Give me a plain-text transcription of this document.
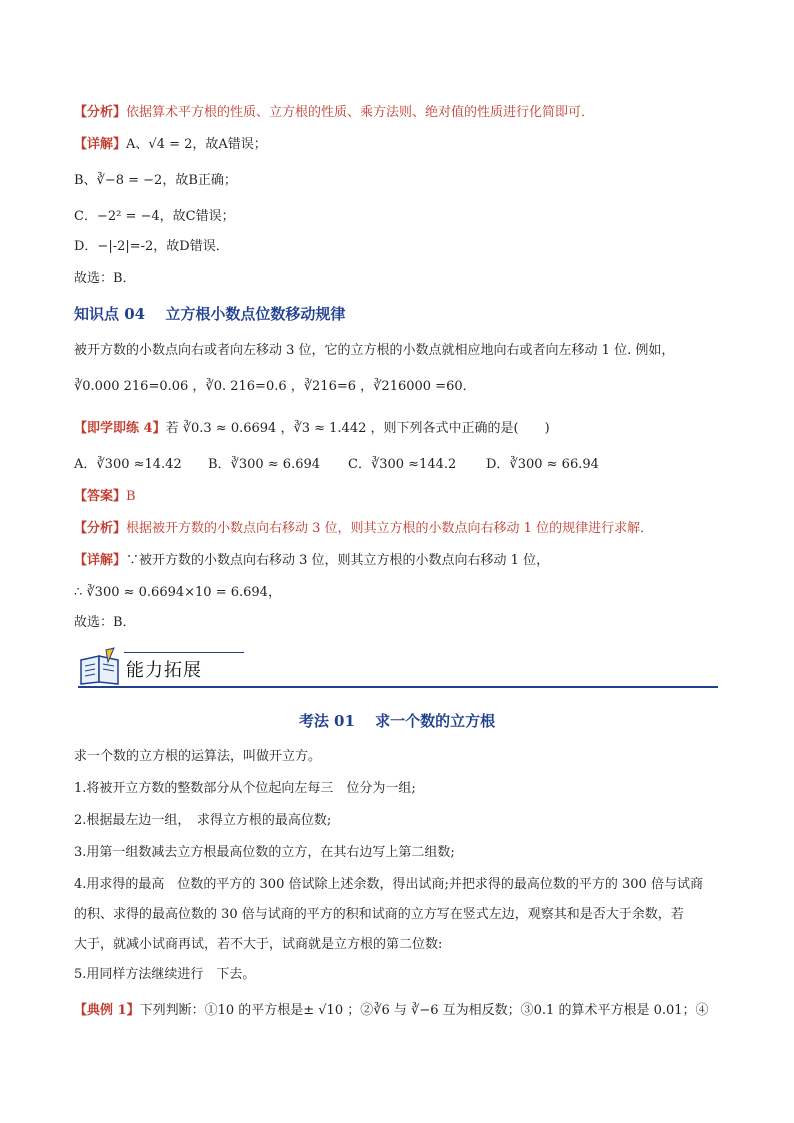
【分析】依据算术平方根的性质、立方根的性质、乘方法则、绝对值的性质进行化简即可．
【详解】A、√4 = 2，故A错误；
B、∛−8 = −2，故B正确；
C．−2² = −4，故C错误；
D．−|-2|=-2，故D错误．
故选：B．
知识点 04　 立方根小数点位数移动规律
被开方数的小数点向右或者向左移动 3 位，它的立方根的小数点就相应地向右或者向左移动 1 位. 例如，
∛0.000 216=0.06 ，∛0. 216=0.6 ，∛216=6 ，∛216000 =60．
【即学即练 4】若 ∛0.3 ≈ 0.6694 ，∛3 ≈ 1.442 ，则下列各式中正确的是(　　)
A．∛300 ≈14.42 B．∛300 ≈ 6.694 C．∛300 ≈144.2 D．∛300 ≈ 66.94
【答案】B
【分析】根据被开方数的小数点向右移动 3 位，则其立方根的小数点向右移动 1 位的规律进行求解．
【详解】∵被开方数的小数点向右移动 3 位，则其立方根的小数点向右移动 1 位，
∴ ∛300 ≈ 0.6694×10 = 6.694，
故选：B．
能力拓展
考法 01　 求一个数的立方根
求一个数的立方根的运算法，叫做开立方。
1.将被开立方数的整数部分从个位起向左每三　位分为一组;
2.根据最左边一组，　求得立方根的最高位数;
3.用第一组数减去立方根最高位数的立方，在其右边写上第二组数;
4.用求得的最高　位数的平方的 300 倍试除上述余数，得出试商;并把求得的最高位数的平方的 300 倍与试商
的积、求得的最高位数的 30 倍与试商的平方的积和试商的立方写在竖式左边，观察其和是否大于余数，若
大于，就减小试商再试，若不大于，试商就是立方根的第二位数:
5.用同样方法继续进行　下去。
【典例 1】下列判断：①10 的平方根是± √10 ；②∛6 与 ∛−6 互为相反数；③0.1 的算术平方根是 0.01；④
